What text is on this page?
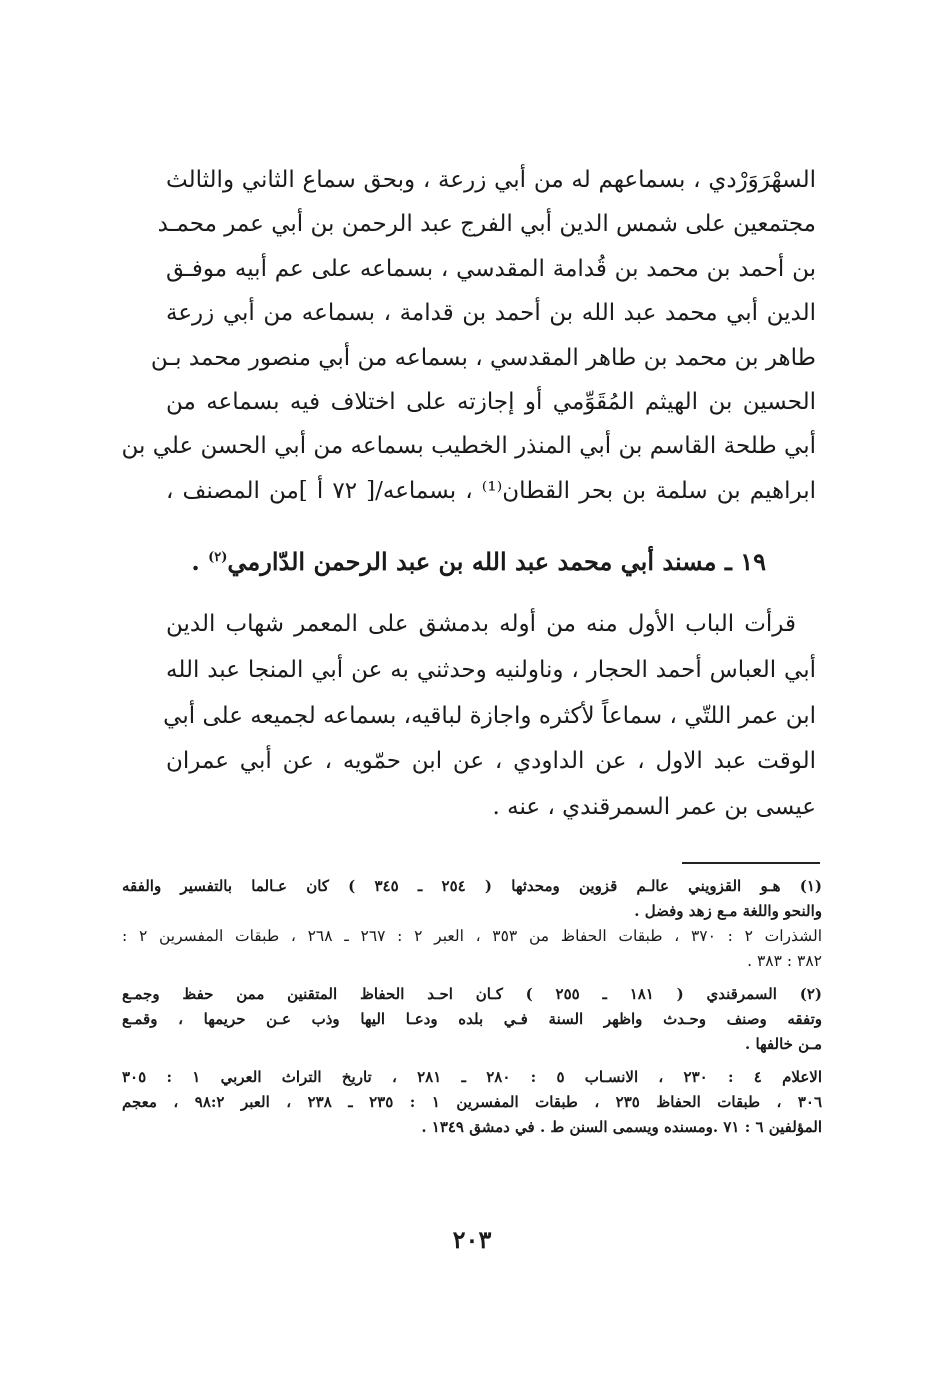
السهْرَوَرْدي ، بسماعهم له من أبي زرعة ، وبحق سماع الثاني والثالث
مجتمعين على شمس الدين أبي الفرج عبد الرحمن بن أبي عمر محمـد
بن أحمد بن محمد بن قُدامة المقدسي ، بسماعه على عم أبيه موفـق
الدين أبي محمد عبد الله بن أحمد بن قدامة ، بسماعه من أبي زرعة
طاهر بن محمد بن طاهر المقدسي ، بسماعه من أبي منصور محمد بـن
الحسين بن الهيثم المُقَوِّمي أو إجازته على اختلاف فيه بسماعه من
أبي طلحة القاسم بن أبي المنذر الخطيب بسماعه من أبي الحسن علي بن
ابراهيم بن سلمة بن بحر القطان⁽¹⁾ ، بسماعه/[ ٧٢ أ ]من المصنف ،
١٩ ـ مسند أبي محمد عبد الله بن عبد الرحمن الدّارمي$^{(٢)}$ .
قرأت الباب الأول منه من أوله بدمشق على المعمر شهاب الدين
أبي العباس أحمد الحجار ، وناولنيه وحدثني به عن أبي المنجا عبد الله
ابن عمر اللتّي ، سماعاً لأكثره واجازة لباقيه، بسماعه لجميعه على أبي
الوقت عبد الاول ، عن الداودي ، عن ابن حمّويه ، عن أبي عمران
عيسى بن عمر السمرقندي ، عنه .
(١) هـو القزويني عالـم قزوين ومحدثها ( ٢٥٤ ـ ٣٤٥ ) كان عـالما بالتفسير والفقه
والنحو واللغة مـع زهد وفضل .
الشذرات ٢ : ٣٧٠ ، طبقات الحفاظ من ٣٥٣ ، العبر ٢ : ٢٦٧ ـ ٢٦٨ ، طبقات المفسرين ٢ :
٣٨٢ : ٣٨٣ .
(٢) السمرقندي ( ١٨١ ـ ٢٥٥ ) كـان احـد الحفاظ المتقنين ممن حفظ وجمـع
وتفقه وصنف وحـدث واظهر السنة فـي بلده ودعـا اليها وذب عـن حريمها ، وقمـع
مـن خالفها .
الاعلام ٤ : ٢٣٠ ، الانسـاب ٥ : ٢٨٠ ـ ٢٨١ ، تاريخ التراث العربي ١ : ٣٠٥
٣٠٦ ، طبقات الحفاظ ٢٣٥ ، طبقات المفسرين ١ : ٢٣٥ ـ ٢٣٨ ، العبر ٩٨:٢ ، معجم
المؤلفين ٦ : ٧١ .ومسنده ويسمى السنن ط . في دمشق ١٣٤٩ .
٢٠٣
